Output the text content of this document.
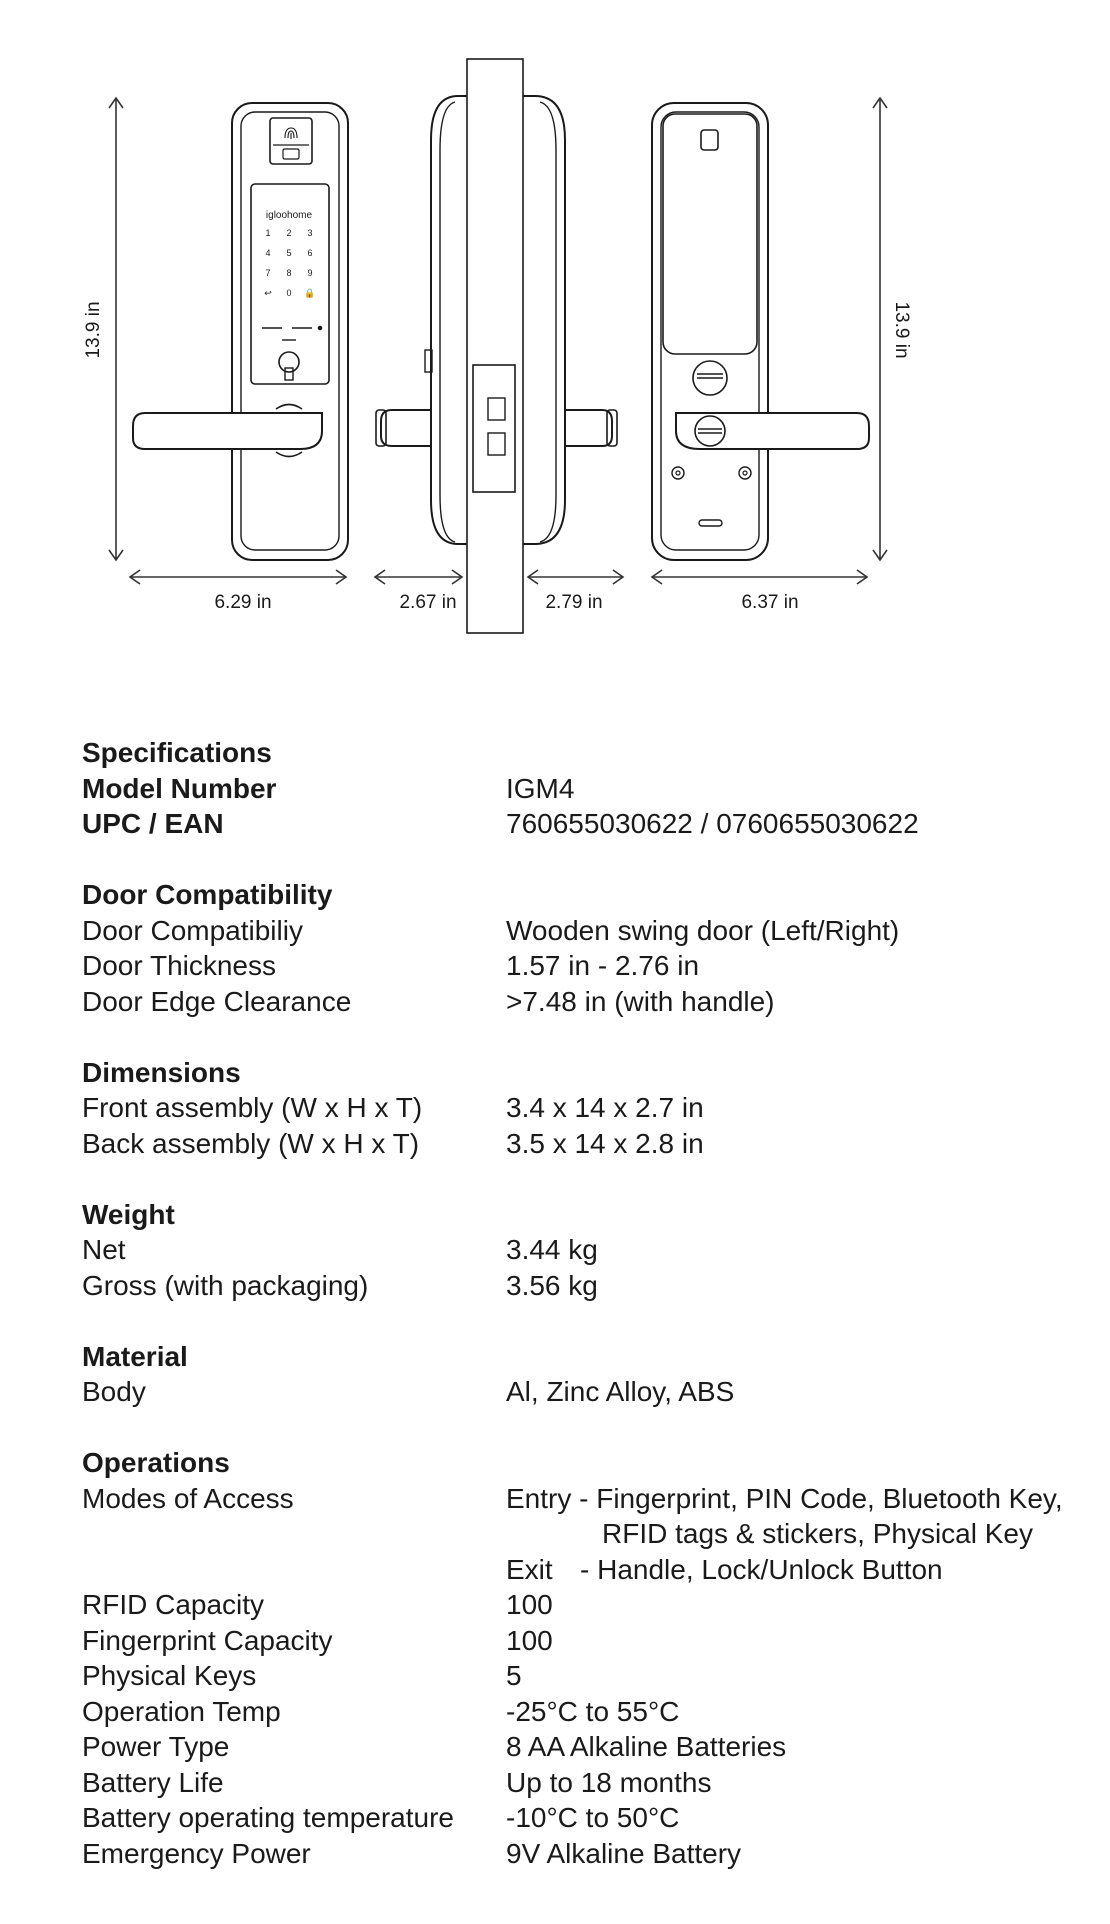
13.9 in
igloohome
1 2 3
4 5 6
7 8 9
↩ 0 🔒
6.29 in	2.67 in	2.79 in
13.9 in
6.37 in
Specifications
Model Number	IGM4
UPC / EAN	760655030622 / 0760655030622
Door Compatibility
Door Compatibiliy	Wooden swing door (Left/Right)
Door Thickness	1.57 in - 2.76 in
Door Edge Clearance	>7.48 in (with handle)
Dimensions
Front assembly (W x H x T)	3.4 x 14 x 2.7 in
Back assembly (W x H x T)	3.5 x 14 x 2.8 in
Weight
Net	3.44 kg
Gross (with packaging)	3.56 kg
Material
Body	Al, Zinc Alloy, ABS
Operations
Modes of Access	Entry - Fingerprint, PIN Code, Bluetooth Key,
RFID tags & stickers, Physical Key
Exit - Handle, Lock/Unlock Button
RFID Capacity	100
Fingerprint Capacity	100
Physical Keys	5
Operation Temp	-25°C to 55°C
Power Type	8 AA Alkaline Batteries
Battery Life	Up to 18 months
Battery operating temperature -10°C to 50°C
Emergency Power	9V Alkaline Battery
